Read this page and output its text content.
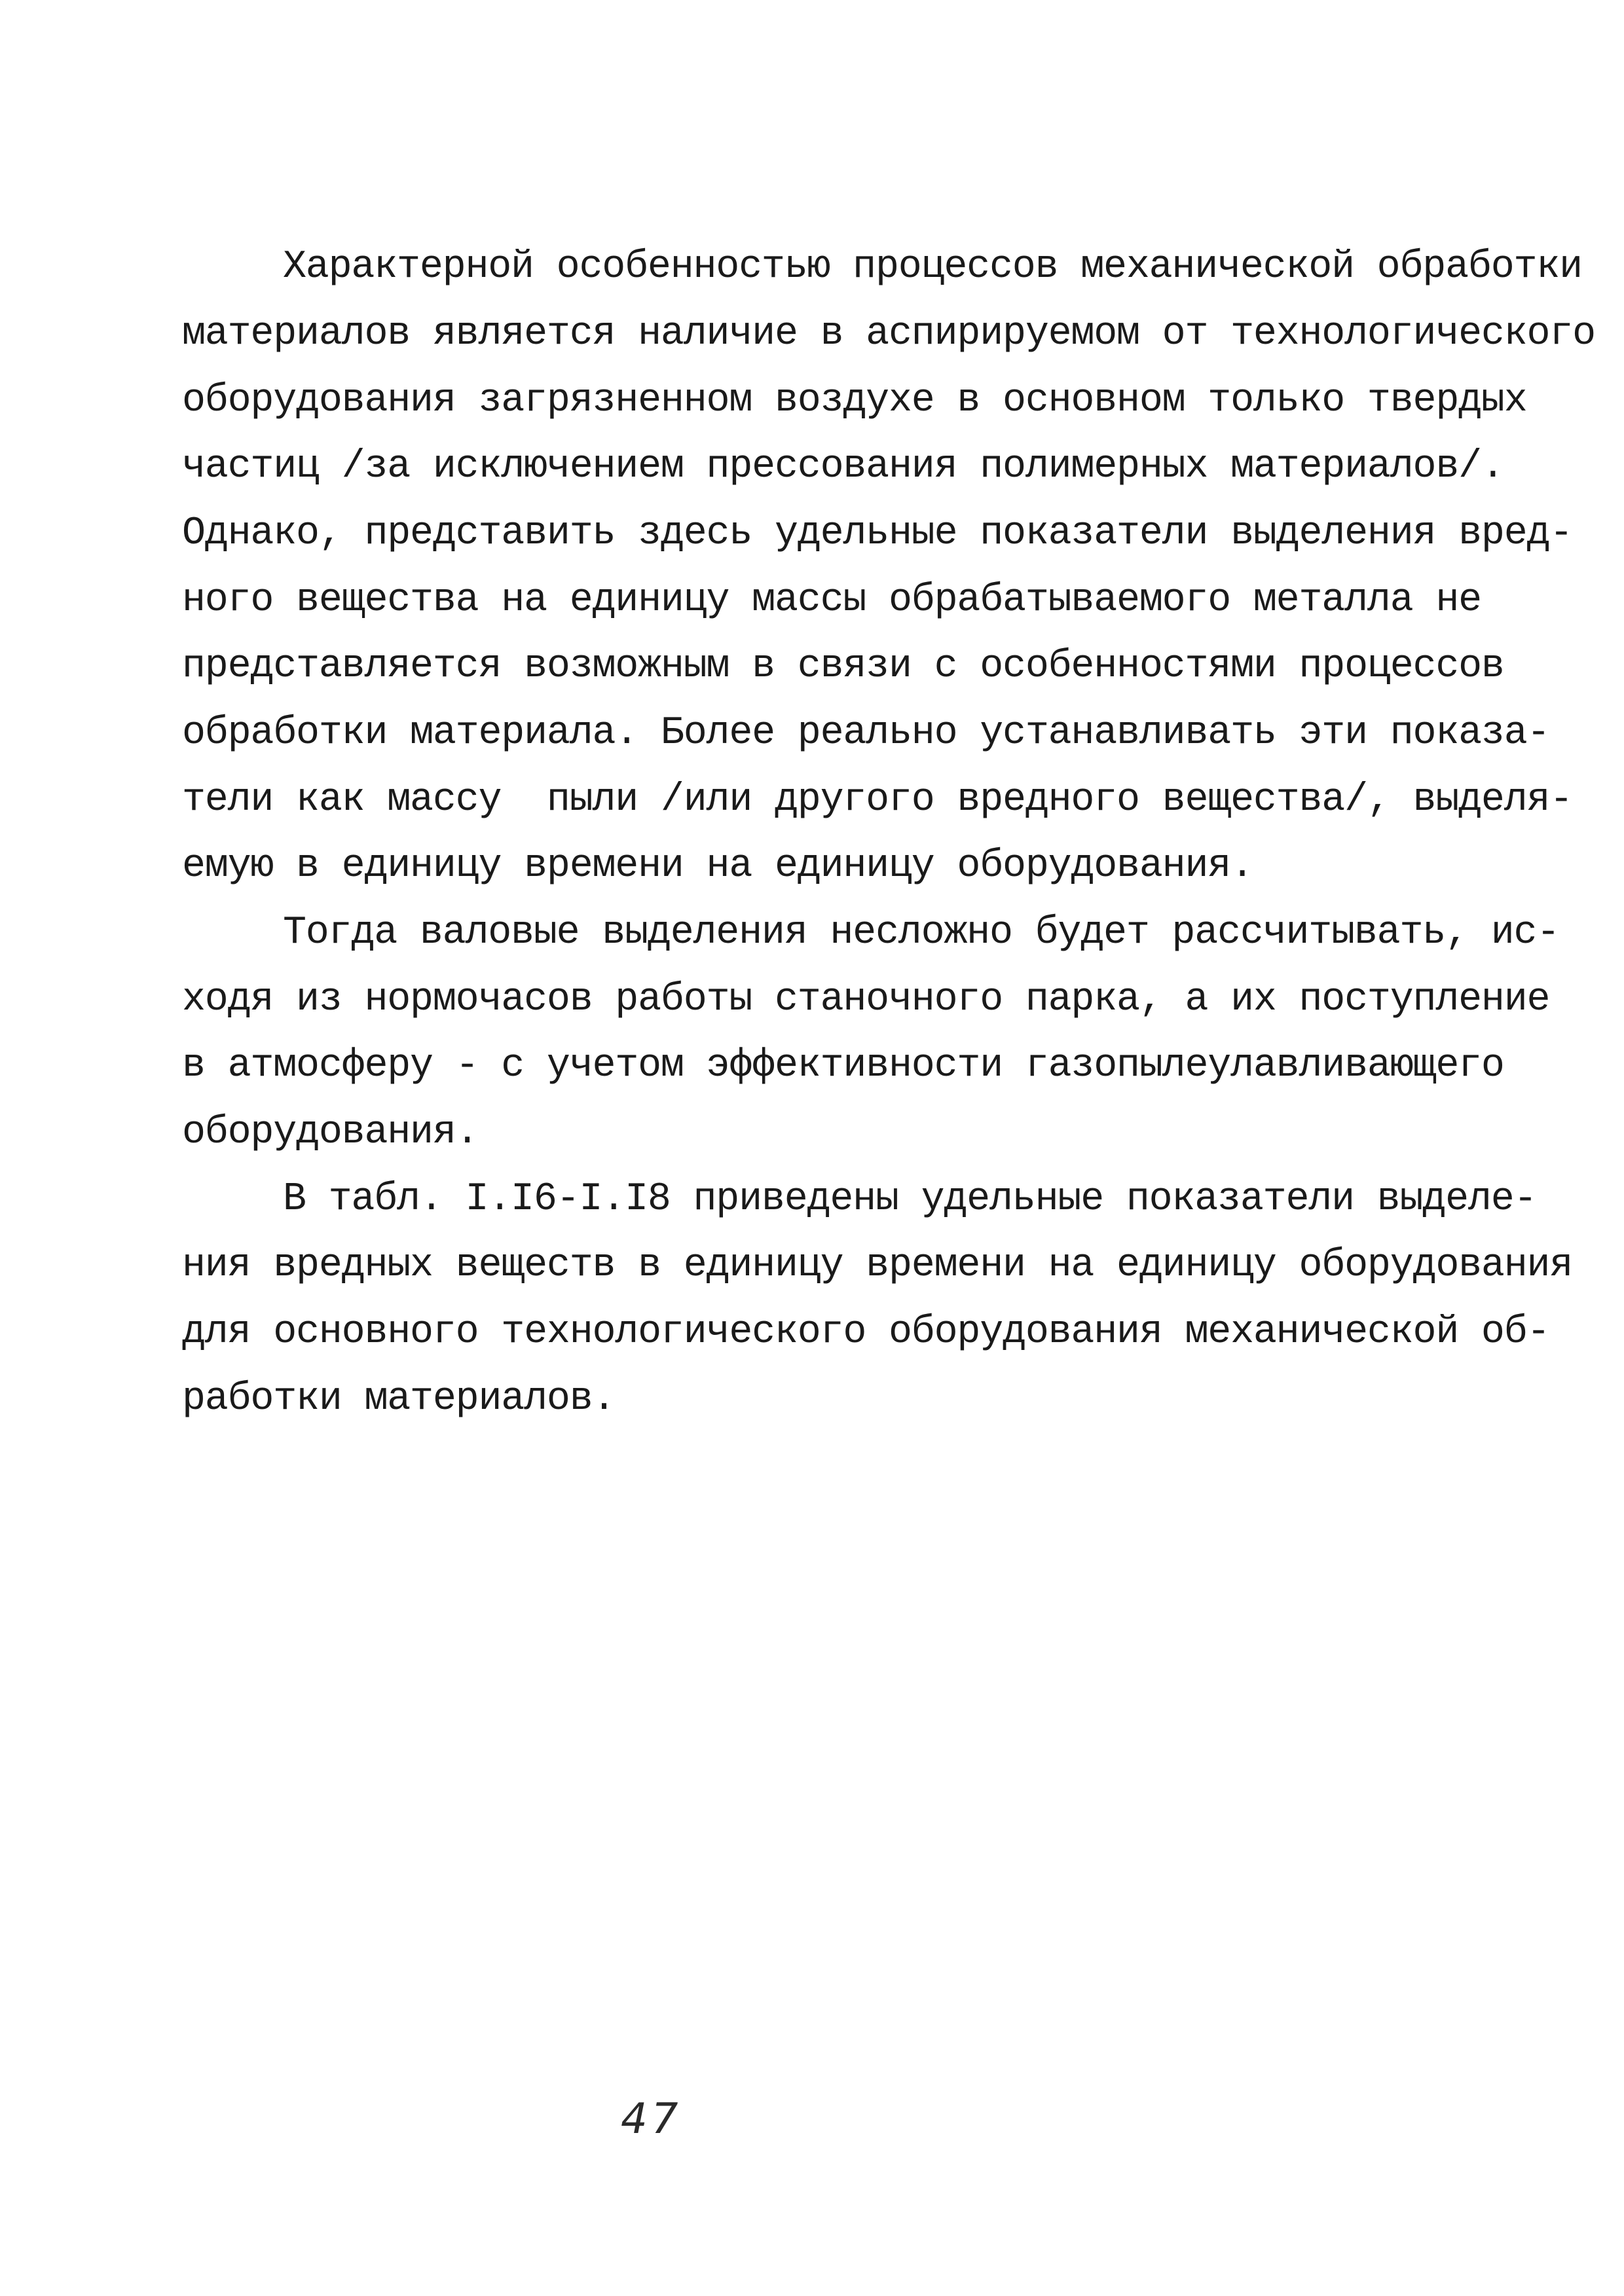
Характерной особенностью процессов механической обработки
материалов является наличие в аспирируемом от технологического
оборудования загрязненном воздухе в основном только твердых
частиц /за исключением прессования полимерных материалов/.
Однако, представить здесь удельные показатели выделения вред-
ного вещества на единицу массы обрабатываемого металла не
представляется возможным в связи с особенностями процессов
обработки материала. Более реально устанавливать эти показа-
тели как массу  пыли /или другого вредного вещества/, выделя-
емую в единицу времени на единицу оборудования.
Тогда валовые выделения несложно будет рассчитывать, ис-
ходя из нормочасов работы станочного парка, а их поступление
в атмосферу - с учетом эффективности газопылеулавливающего
оборудования.
В табл. I.I6-I.I8 приведены удельные показатели выделе-
ния вредных веществ в единицу времени на единицу оборудования
для основного технологического оборудования механической об-
работки материалов.
47
